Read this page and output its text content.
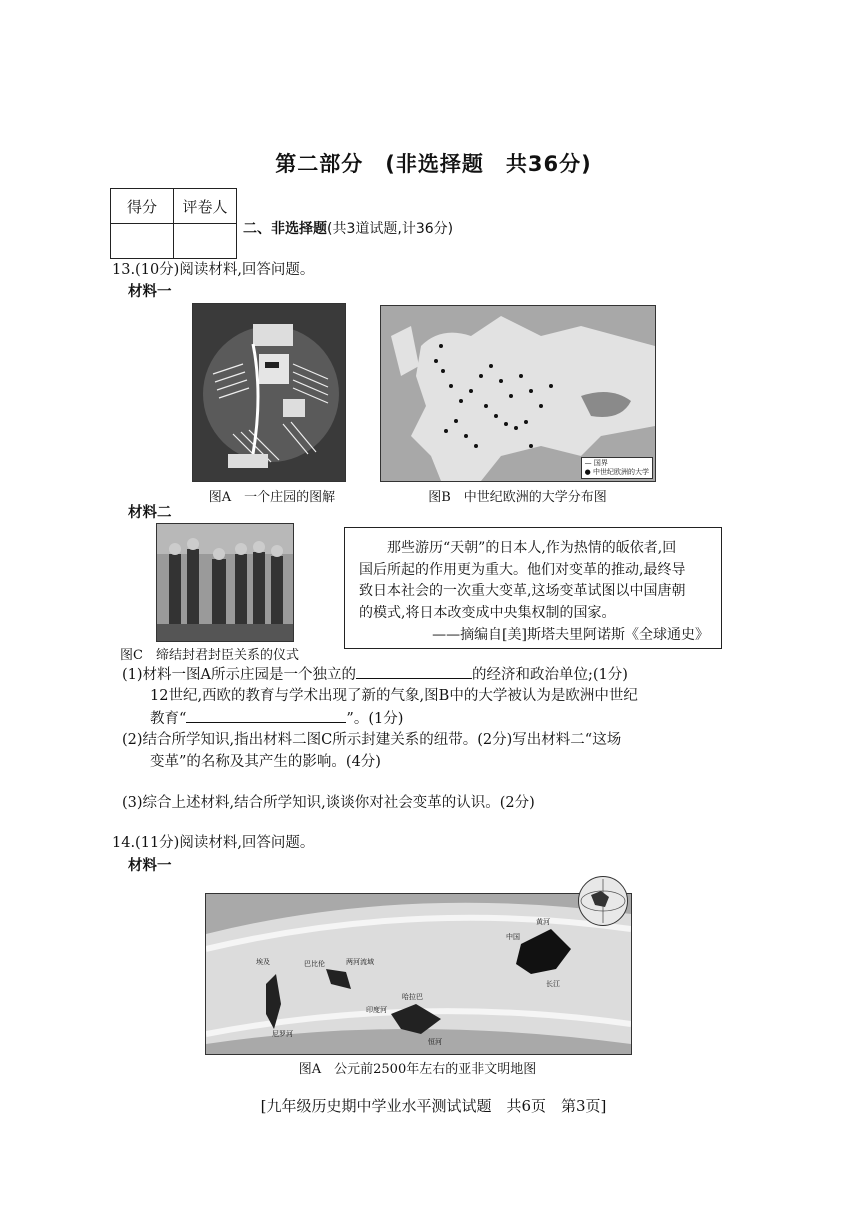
第二部分　(非选择题　共36分)
得分	评卷人

二、非选择题(共3道试题,计36分)
13.(10分)阅读材料,回答问题。
材料一
图A　一个庄园的图解
— 国界
● 中世纪欧洲的大学
图B　中世纪欧洲的大学分布图
材料二
图C　缔结封君封臣关系的仪式
那些游历“天朝”的日本人,作为热情的皈依者,回
国后所起的作用更为重大。他们对变革的推动,最终导
致日本社会的一次重大变革,这场变革试图以中国唐朝
的模式,将日本改变成中央集权制的国家。
——摘编自[美]斯塔夫里阿诺斯《全球通史》
(1)材料一图A所示庄园是一个独立的	的经济和政治单位;(1分)
12世纪,西欧的教育与学术出现了新的气象,图B中的大学被认为是欧洲中世纪
教育“	”。(1分)
(2)结合所学知识,指出材料二图C所示封建关系的纽带。(2分)写出材料二“这场
变革”的名称及其产生的影响。(4分)
(3)综合上述材料,结合所学知识,谈谈你对社会变革的认识。(2分)
14.(11分)阅读材料,回答问题。
材料一
埃及
尼罗河
巴比伦	两河流域
哈拉巴
印度河
恒河
中国
黄河
长江
图A　公元前2500年左右的亚非文明地图
[九年级历史期中学业水平测试试题　共6页　第3页]
